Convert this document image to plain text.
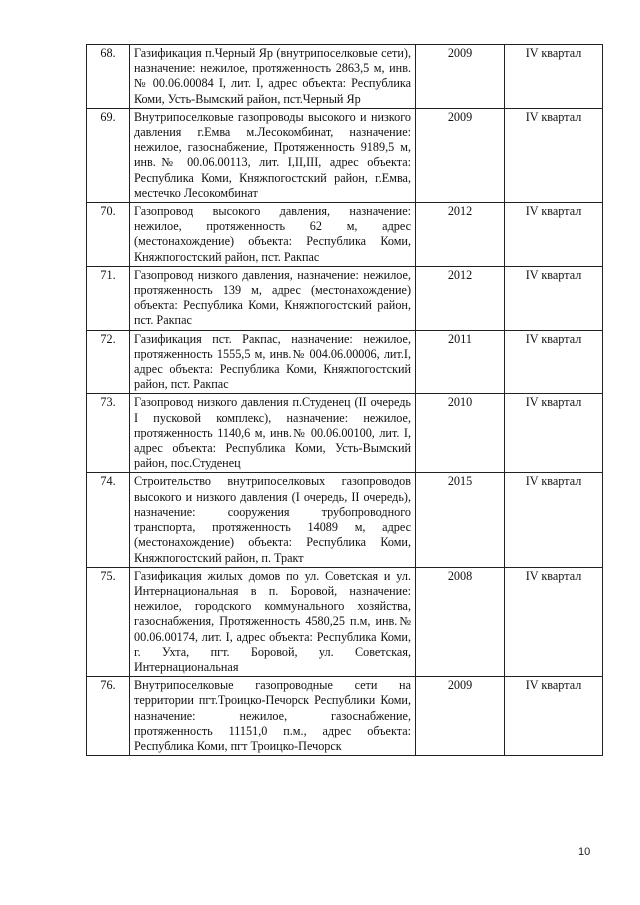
68.	Газификация п.Черный Яр (внутрипоселковые сети), назначение: нежилое, протяженность 2863,5 м, инв.№ 00.06.00084 I, лит. I, адрес объекта: Республика Коми, Усть-Вымский район, пст.Черный Яр	2009	IV квартал
69.	Внутрипоселковые газопроводы высокого и низкого давления г.Емва м.Лесокомбинат, назначение: нежилое, газоснабжение, Протяженность 9189,5 м, инв.№ 00.06.00113, лит. I,II,III, адрес объекта: Республика Коми, Княжпогостский район, г.Емва, местечко Лесокомбинат	2009	IV квартал
70.	Газопровод высокого давления, назначение: нежилое, протяженность 62 м, адрес (местонахождение) объекта: Республика Коми, Княжпогостский район, пст. Ракпас	2012	IV квартал
71.	Газопровод низкого давления, назначение: нежилое, протяженность 139 м, адрес (местонахождение) объекта: Республика Коми, Княжпогостский район, пст. Ракпас	2012	IV квартал
72.	Газификация пст. Ракпас, назначение: нежилое, протяженность 1555,5 м, инв.№ 004.06.00006, лит.I, адрес объекта: Республика Коми, Княжпогостский район, пст. Ракпас	2011	IV квартал
73.	Газопровод низкого давления п.Студенец (II очередь I пусковой комплекс), назначение: нежилое, протяженность 1140,6 м, инв.№ 00.06.00100, лит. I, адрес объекта: Республика Коми, Усть-Вымский район, пос.Студенец	2010	IV квартал
74.	Строительство внутрипоселковых газопроводов высокого и низкого давления (I очередь, II очередь), назначение: сооружения трубопроводного транспорта, протяженность 14089 м, адрес (местонахождение) объекта: Республика Коми, Княжпогостский район, п. Тракт	2015	IV квартал
75.	Газификация жилых домов по ул. Советская и ул. Интернациональная в п. Боровой, назначение: нежилое, городского коммунального хозяйства, газоснабжения, Протяженность 4580,25 п.м, инв.№ 00.06.00174, лит. I, адрес объекта: Республика Коми, г. Ухта, пгт. Боровой, ул. Советская, Интернациональная	2008	IV квартал
76.	Внутрипоселковые газопроводные сети на территории пгт.Троицко-Печорск Республики Коми, назначение: нежилое, газоснабжение, протяженность 11151,0 п.м., адрес объекта: Республика Коми, пгт Троицко-Печорск	2009	IV квартал
10
